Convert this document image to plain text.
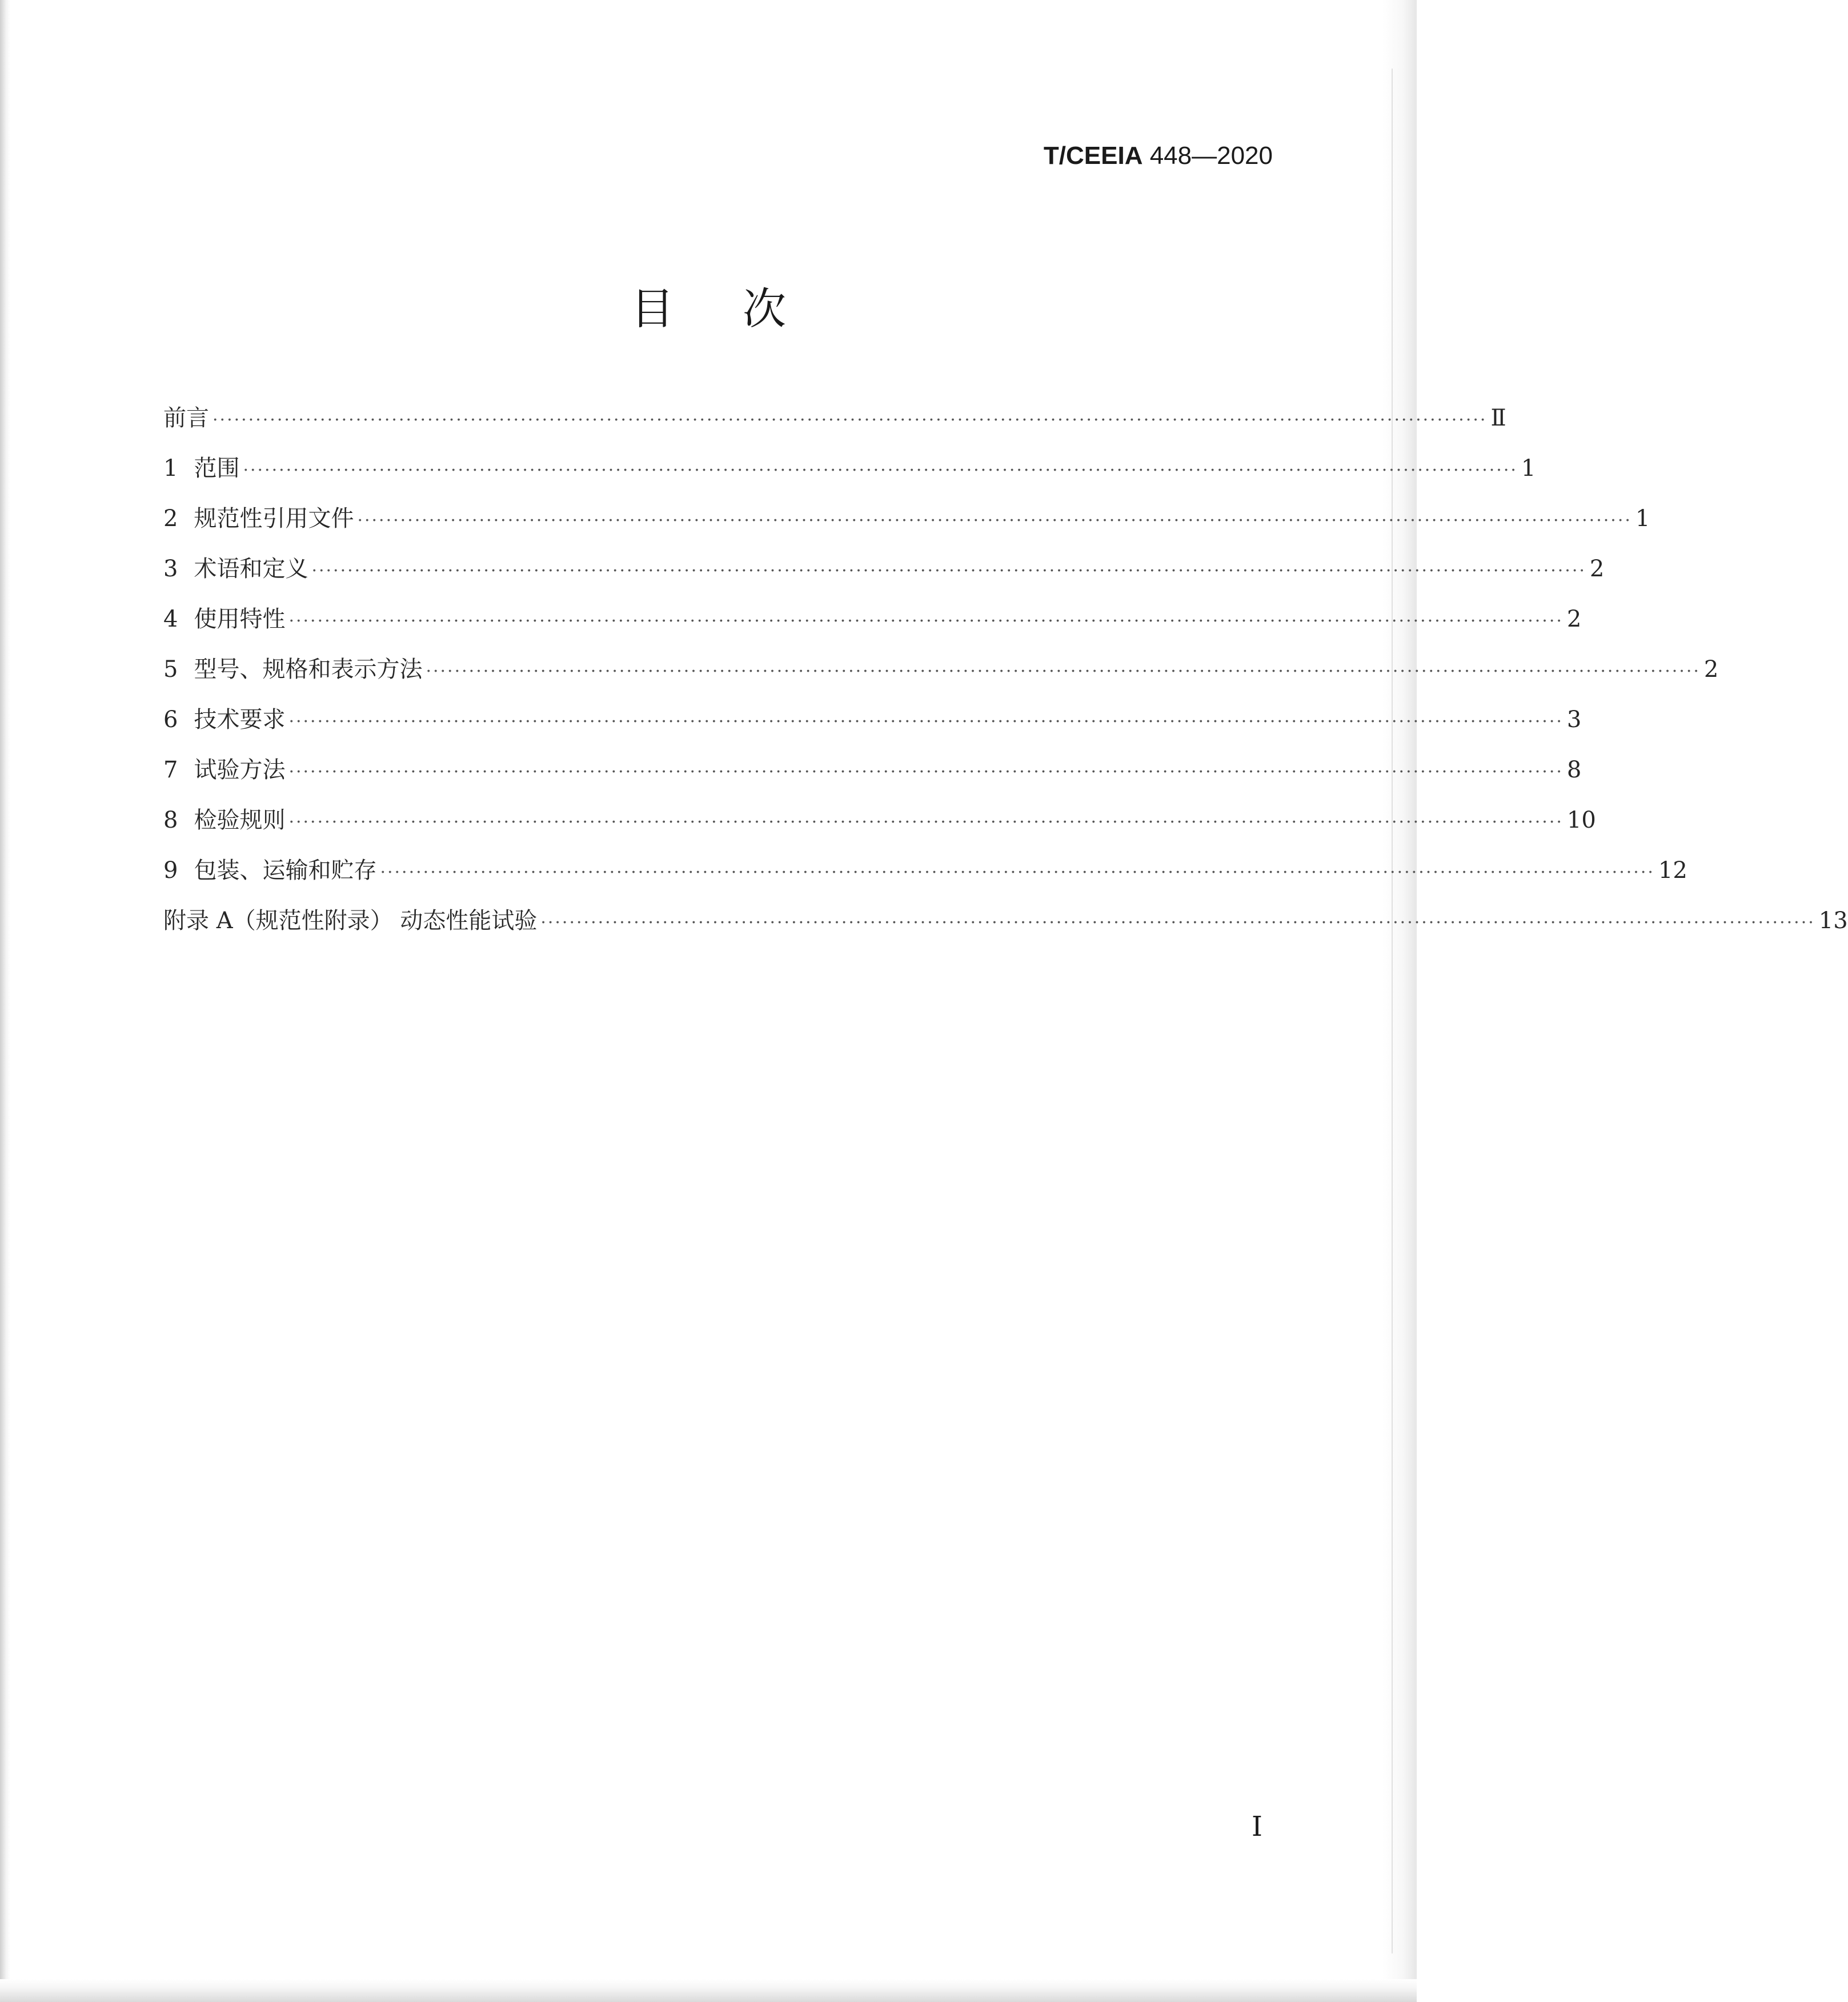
T/CEEIA 448—2020
目次
前言 ·················································································································································································· Ⅱ
1 范围 ·················································································································································································· 1
2 规范性引用文件 ·················································································································································································· 1
3 术语和定义 ·················································································································································································· 2
4 使用特性 ·················································································································································································· 2
5 型号、规格和表示方法 ·················································································································································································· 2
6 技术要求 ·················································································································································································· 3
7 试验方法 ·················································································································································································· 8
8 检验规则 ·················································································································································································· 10
9 包装、运输和贮存 ·················································································································································································· 12
附录 A（规范性附录） 动态性能试验 ·················································································································································································· 13
I
